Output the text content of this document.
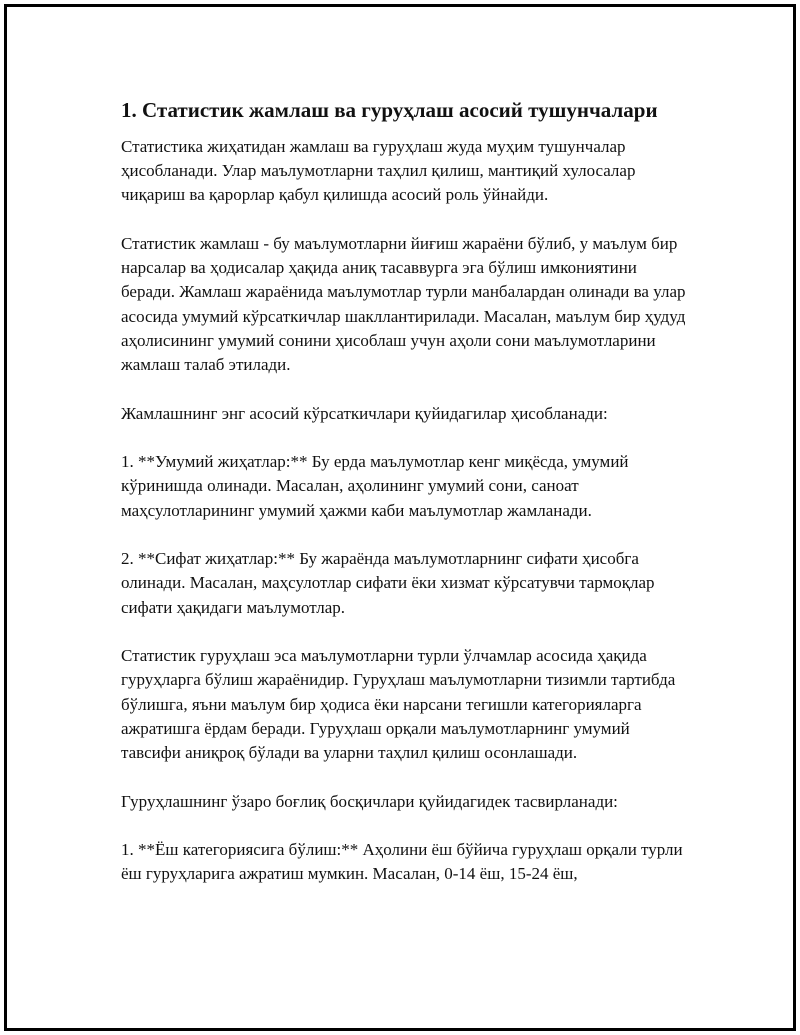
1. Статистик жамлаш ва гуруҳлаш асосий тушунчалари

Статистика жиҳатидан жамлаш ва гуруҳлаш жуда муҳим тушунчалар ҳисобланади. Улар маълумотларни таҳлил қилиш, мантиқий хулосалар чиқариш ва қарорлар қабул қилишда асосий роль ўйнайди.

Статистик жамлаш - бу маълумотларни йиғиш жараёни бўлиб, у маълум бир нарсалар ва ҳодисалар ҳақида аниқ тасаввурга эга бўлиш имкониятини беради. Жамлаш жараёнида маълумотлар турли манбалардан олинади ва улар асосида умумий кўрсаткичлар шакллантирилади. Масалан, маълум бир ҳудуд аҳолисининг умумий сонини ҳисоблаш учун аҳоли сони маълумотларини жамлаш талаб этилади.

Жамлашнинг энг асосий кўрсаткичлари қуйидагилар ҳисобланади:

1. **Умумий жиҳатлар:** Бу ерда маълумотлар кенг миқёсда, умумий кўринишда олинади. Масалан, аҳолининг умумий сони, саноат маҳсулотларининг умумий ҳажми каби маълумотлар жамланади.

2. **Сифат жиҳатлар:** Бу жараёнда маълумотларнинг сифати ҳисобга олинади. Масалан, маҳсулотлар сифати ёки хизмат кўрсатувчи тармоқлар сифати ҳақидаги маълумотлар.

Статистик гуруҳлаш эса маълумотларни турли ўлчамлар асосида ҳақида гуруҳларга бўлиш жараёнидир. Гуруҳлаш маълумотларни тизимли тартибда бўлишга, яъни маълум бир ҳодиса ёки нарсани тегишли категорияларга ажратишга ёрдам беради. Гуруҳлаш орқали маълумотларнинг умумий тавсифи аниқроқ бўлади ва уларни таҳлил қилиш осонлашади.

Гуруҳлашнинг ўзаро боғлиқ босқичлари қуйидагидек тасвирланади:

1. **Ёш категориясига бўлиш:** Аҳолини ёш бўйича гуруҳлаш орқали турли ёш гуруҳларига ажратиш мумкин. Масалан, 0-14 ёш, 15-24 ёш,
